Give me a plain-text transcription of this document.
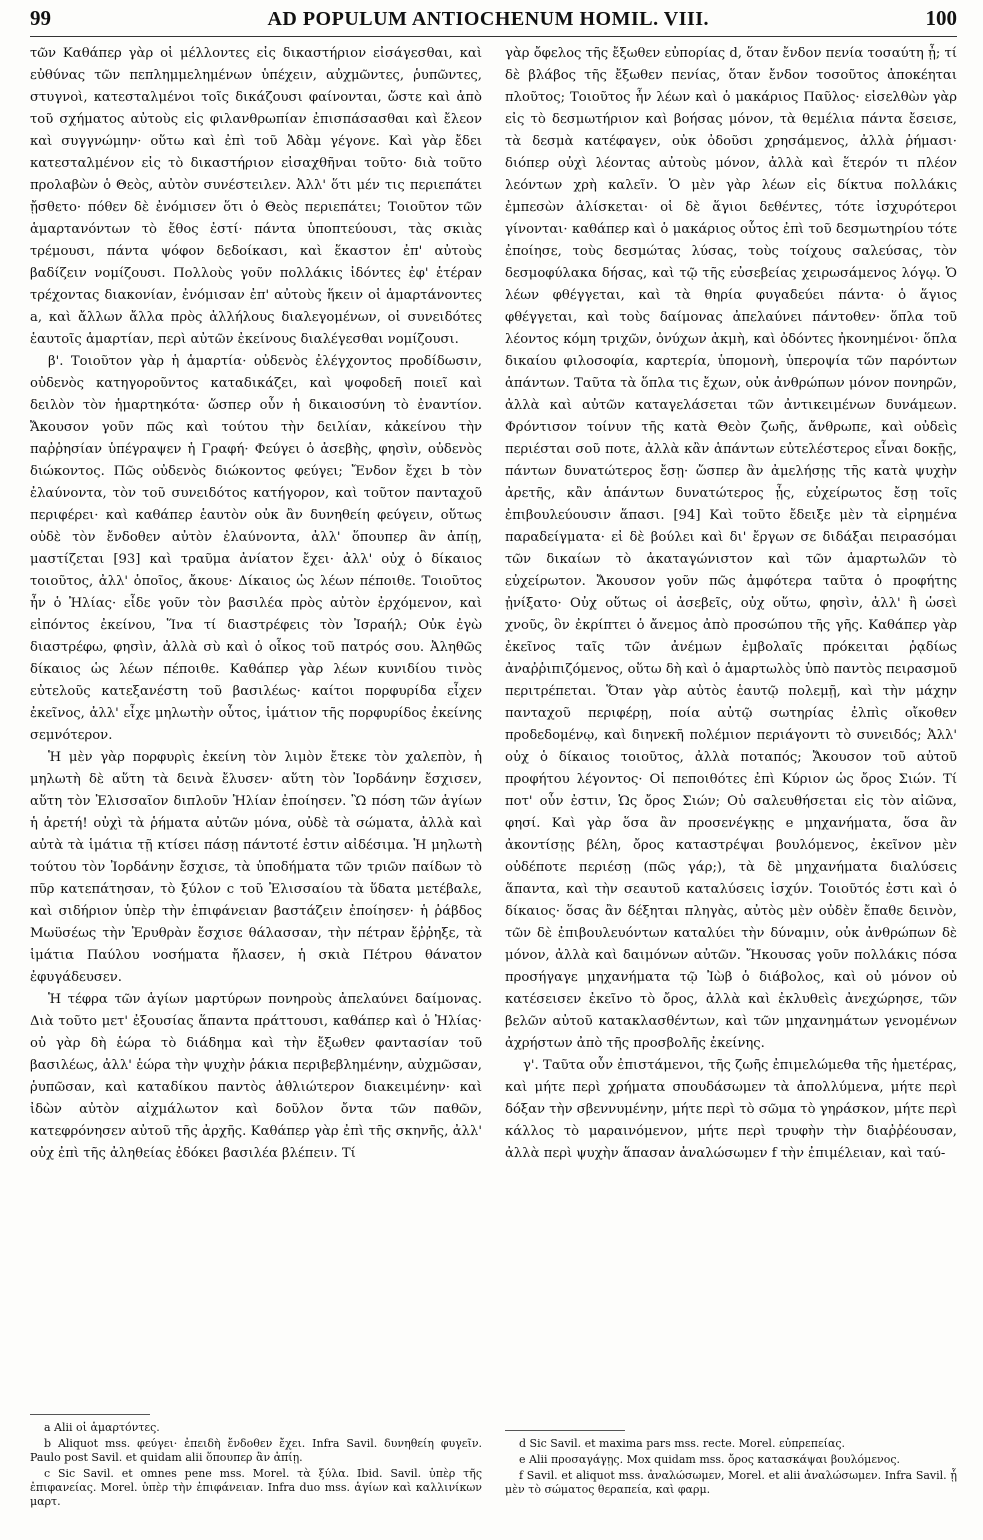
99	AD POPULUM ANTIOCHENUM HOMIL. VIII.	100

τῶν Καθάπερ γὰρ οἱ μέλλοντες εἰς δικαστήριον εἰσάγεσθαι, καὶ εὐθύνας τῶν πεπλημμελημένων ὑπέχειν, αὐχμῶντες, ῥυπῶντες, στυγνοὶ, κατεσταλμένοι τοῖς δικάζουσι φαίνονται, ὥστε καὶ ἀπὸ τοῦ σχήματος αὐτοὺς εἰς φιλανθρωπίαν ἐπισπάσασθαι καὶ ἔλεον καὶ συγγνώμην· οὕτω καὶ ἐπὶ τοῦ Ἀδὰμ γέγονε. Καὶ γὰρ ἔδει κατεσταλμένον εἰς τὸ δικαστήριον εἰσαχθῆναι τοῦτο· διὰ τοῦτο προλαβὼν ὁ Θεὸς, αὐτὸν συνέστειλεν. Ἀλλ' ὅτι μέν τις περιεπάτει ᾔσθετο· πόθεν δὲ ἐνόμισεν ὅτι ὁ Θεὸς περιεπάτει; Τοιοῦτον τῶν ἁμαρτανόντων τὸ ἔθος ἐστί· πάντα ὑποπτεύουσι, τὰς σκιὰς τρέμουσι, πάντα ψόφον δεδοίκασι, καὶ ἕκαστον ἐπ' αὐτοὺς βαδίζειν νομίζουσι. Πολλοὺς γοῦν πολλάκις ἰδόντες ἐφ' ἑτέραν τρέχοντας διακονίαν, ἐνόμισαν ἐπ' αὐτοὺς ἥκειν οἱ ἁμαρτάνοντες a, καὶ ἄλλων ἄλλα πρὸς ἀλλήλους διαλεγομένων, οἱ συνειδότες ἑαυτοῖς ἁμαρτίαν, περὶ αὐτῶν ἐκείνους διαλέγεσθαι νομίζουσι.

β'. Τοιοῦτον γὰρ ἡ ἁμαρτία· οὐδενὸς ἐλέγχοντος προδίδωσιν, οὐδενὸς κατηγοροῦντος καταδικάζει, καὶ ψοφοδεῆ ποιεῖ καὶ δειλὸν τὸν ἡμαρτηκότα· ὥσπερ οὖν ἡ δικαιοσύνη τὸ ἐναντίον. Ἄκουσον γοῦν πῶς καὶ τούτου τὴν δειλίαν, κἀκείνου τὴν παῤῥησίαν ὑπέγραψεν ἡ Γραφή· Φεύγει ὁ ἀσεβὴς, φησὶν, οὐδενὸς διώκοντος. Πῶς οὐδενὸς διώκοντος φεύγει; Ἔνδον ἔχει b τὸν ἐλαύνοντα, τὸν τοῦ συνειδότος κατήγορον, καὶ τοῦτον πανταχοῦ περιφέρει· καὶ καθάπερ ἑαυτὸν οὐκ ἂν δυνηθείη φεύγειν, οὕτως οὐδὲ τὸν ἔνδοθεν αὐτὸν ἐλαύνοντα, ἀλλ' ὅπουπερ ἂν ἀπίῃ, μαστίζεται [93] καὶ τραῦμα ἀνίατον ἔχει· ἀλλ' οὐχ ὁ δίκαιος τοιοῦτος, ἀλλ' ὁποῖος, ἄκουε· Δίκαιος ὡς λέων πέποιθε. Τοιοῦτος ἦν ὁ Ἠλίας· εἶδε γοῦν τὸν βασιλέα πρὸς αὐτὸν ἐρχόμενον, καὶ εἰπόντος ἐκείνου, Ἵνα τί διαστρέφεις τὸν Ἰσραήλ; Οὐκ ἐγὼ διαστρέφω, φησὶν, ἀλλὰ σὺ καὶ ὁ οἶκος τοῦ πατρός σου. Ἀληθῶς δίκαιος ὡς λέων πέποιθε. Καθάπερ γὰρ λέων κυνιδίου τινὸς εὐτελοῦς κατεξανέστη τοῦ βασιλέως· καίτοι πορφυρίδα εἶχεν ἐκεῖνος, ἀλλ' εἶχε μηλωτὴν οὗτος, ἱμάτιον τῆς πορφυρίδος ἐκείνης σεμνότερον.

Ἡ μὲν γὰρ πορφυρὶς ἐκείνη τὸν λιμὸν ἔτεκε τὸν χαλεπὸν, ἡ μηλωτὴ δὲ αὕτη τὰ δεινὰ ἔλυσεν· αὕτη τὸν Ἰορδάνην ἔσχισεν, αὕτη τὸν Ἐλισσαῖον διπλοῦν Ἠλίαν ἐποίησεν. Ὢ πόση τῶν ἁγίων ἡ ἀρετή! οὐχὶ τὰ ῥήματα αὐτῶν μόνα, οὐδὲ τὰ σώματα, ἀλλὰ καὶ αὐτὰ τὰ ἱμάτια τῇ κτίσει πάσῃ πάντοτέ ἐστιν αἰδέσιμα. Ἡ μηλωτὴ τούτου τὸν Ἰορδάνην ἔσχισε, τὰ ὑποδήματα τῶν τριῶν παίδων τὸ πῦρ κατεπάτησαν, τὸ ξύλον c τοῦ Ἐλισσαίου τὰ ὕδατα μετέβαλε, καὶ σιδήριον ὑπὲρ τὴν ἐπιφάνειαν βαστάζειν ἐποίησεν· ἡ ῥάβδος Μωϋσέως τὴν Ἐρυθρὰν ἔσχισε θάλασσαν, τὴν πέτραν ἔῤῥηξε, τὰ ἱμάτια Παύλου νοσήματα ἤλασεν, ἡ σκιὰ Πέτρου θάνατον ἐφυγάδευσεν.

Ἡ τέφρα τῶν ἁγίων μαρτύρων πονηροὺς ἀπελαύνει δαίμονας. Διὰ τοῦτο μετ' ἐξουσίας ἅπαντα πράττουσι, καθάπερ καὶ ὁ Ἠλίας· οὐ γὰρ δὴ ἑώρα τὸ διάδημα καὶ τὴν ἔξωθεν φαντασίαν τοῦ βασιλέως, ἀλλ' ἑώρα τὴν ψυχὴν ῥάκια περιβεβλημένην, αὐχμῶσαν, ῥυπῶσαν, καὶ καταδίκου παντὸς ἀθλιώτερον διακειμένην· καὶ ἰδὼν αὐτὸν αἰχμάλωτον καὶ δοῦλον ὄντα τῶν παθῶν, κατεφρόνησεν αὐτοῦ τῆς ἀρχῆς. Καθάπερ γὰρ ἐπὶ τῆς σκηνῆς, ἀλλ' οὐχ ἐπὶ τῆς ἀληθείας ἐδόκει βασιλέα βλέπειν. Τί

γὰρ ὄφελος τῆς ἔξωθεν εὐπορίας d, ὅταν ἔνδον πενία τοσαύτη ᾖ; τί δὲ βλάβος τῆς ἔξωθεν πενίας, ὅταν ἔνδον τοσοῦτος ἀποκέηται πλοῦτος; Τοιοῦτος ἦν λέων καὶ ὁ μακάριος Παῦλος· εἰσελθὼν γὰρ εἰς τὸ δεσμωτήριον καὶ βοήσας μόνον, τὰ θεμέλια πάντα ἔσεισε, τὰ δεσμὰ κατέφαγεν, οὐκ ὀδοῦσι χρησάμενος, ἀλλὰ ῥήμασι· διόπερ οὐχὶ λέοντας αὐτοὺς μόνον, ἀλλὰ καὶ ἕτερόν τι πλέον λεόντων χρὴ καλεῖν. Ὁ μὲν γὰρ λέων εἰς δίκτυα πολλάκις ἐμπεσὼν ἁλίσκεται· οἱ δὲ ἅγιοι δεθέντες, τότε ἰσχυρότεροι γίνονται· καθάπερ καὶ ὁ μακάριος οὗτος ἐπὶ τοῦ δεσμωτηρίου τότε ἐποίησε, τοὺς δεσμώτας λύσας, τοὺς τοίχους σαλεύσας, τὸν δεσμοφύλακα δήσας, καὶ τῷ τῆς εὐσεβείας χειρωσάμενος λόγῳ. Ὁ λέων φθέγγεται, καὶ τὰ θηρία φυγαδεύει πάντα· ὁ ἅγιος φθέγγεται, καὶ τοὺς δαίμονας ἀπελαύνει πάντοθεν· ὅπλα τοῦ λέοντος κόμη τριχῶν, ὀνύχων ἀκμὴ, καὶ ὀδόντες ἠκονημένοι· ὅπλα δικαίου φιλοσοφία, καρτερία, ὑπομονὴ, ὑπεροψία τῶν παρόντων ἁπάντων. Ταῦτα τὰ ὅπλα τις ἔχων, οὐκ ἀνθρώπων μόνον πονηρῶν, ἀλλὰ καὶ αὐτῶν καταγελάσεται τῶν ἀντικειμένων δυνάμεων. Φρόντισον τοίνυν τῆς κατὰ Θεὸν ζωῆς, ἄνθρωπε, καὶ οὐδεὶς περιέσται σοῦ ποτε, ἀλλὰ κἂν ἁπάντων εὐτελέστερος εἶναι δοκῇς, πάντων δυνατώτερος ἔσῃ· ὥσπερ ἂν ἀμελήσῃς τῆς κατὰ ψυχὴν ἀρετῆς, κἂν ἁπάντων δυνατώτερος ᾖς, εὐχείρωτος ἔσῃ τοῖς ἐπιβουλεύουσιν ἅπασι. [94] Καὶ τοῦτο ἔδειξε μὲν τὰ εἰρημένα παραδείγματα· εἰ δὲ βούλει καὶ δι' ἔργων σε διδάξαι πειρασόμαι τῶν δικαίων τὸ ἀκαταγώνιστον καὶ τῶν ἁμαρτωλῶν τὸ εὐχείρωτον. Ἄκουσον γοῦν πῶς ἀμφότερα ταῦτα ὁ προφήτης ᾐνίξατο· Οὐχ οὕτως οἱ ἀσεβεῖς, οὐχ οὕτω, φησὶν, ἀλλ' ἢ ὡσεὶ χνοῦς, ὃν ἐκρίπτει ὁ ἄνεμος ἀπὸ προσώπου τῆς γῆς. Καθάπερ γὰρ ἐκεῖνος ταῖς τῶν ἀνέμων ἐμβολαῖς πρόκειται ῥᾳδίως ἀναῤῥιπιζόμενος, οὕτω δὴ καὶ ὁ ἁμαρτωλὸς ὑπὸ παντὸς πειρασμοῦ περιτρέπεται. Ὅταν γὰρ αὐτὸς ἑαυτῷ πολεμῇ, καὶ τὴν μάχην πανταχοῦ περιφέρῃ, ποία αὐτῷ σωτηρίας ἐλπὶς οἴκοθεν προδεδομένῳ, καὶ διηνεκῆ πολέμιον περιάγοντι τὸ συνειδός; Ἀλλ' οὐχ ὁ δίκαιος τοιοῦτος, ἀλλὰ ποταπός; Ἄκουσον τοῦ αὐτοῦ προφήτου λέγοντος· Οἱ πεποιθότες ἐπὶ Κύριον ὡς ὄρος Σιών. Τί ποτ' οὖν ἐστιν, Ὡς ὄρος Σιών; Οὐ σαλευθήσεται εἰς τὸν αἰῶνα, φησί. Καὶ γὰρ ὅσα ἂν προσενέγκῃς e μηχανήματα, ὅσα ἂν ἀκοντίσῃς βέλη, ὄρος καταστρέψαι βουλόμενος, ἐκεῖνον μὲν οὐδέποτε περιέσῃ (πῶς γάρ;), τὰ δὲ μηχανήματα διαλύσεις ἅπαντα, καὶ τὴν σεαυτοῦ καταλύσεις ἰσχύν. Τοιοῦτός ἐστι καὶ ὁ δίκαιος· ὅσας ἂν δέξηται πληγὰς, αὐτὸς μὲν οὐδὲν ἔπαθε δεινὸν, τῶν δὲ ἐπιβουλευόντων καταλύει τὴν δύναμιν, οὐκ ἀνθρώπων δὲ μόνον, ἀλλὰ καὶ δαιμόνων αὐτῶν. Ἤκουσας γοῦν πολλάκις πόσα προσήγαγε μηχανήματα τῷ Ἰὼβ ὁ διάβολος, καὶ οὐ μόνον οὐ κατέσεισεν ἐκεῖνο τὸ ὄρος, ἀλλὰ καὶ ἐκλυθεὶς ἀνεχώρησε, τῶν βελῶν αὐτοῦ κατακλασθέντων, καὶ τῶν μηχανημάτων γενομένων ἀχρήστων ἀπὸ τῆς προσβολῆς ἐκείνης.

γ'. Ταῦτα οὖν ἐπιστάμενοι, τῆς ζωῆς ἐπιμελώμεθα τῆς ἡμετέρας, καὶ μήτε περὶ χρήματα σπουδάσωμεν τὰ ἀπολλύμενα, μήτε περὶ δόξαν τὴν σβεννυμένην, μήτε περὶ τὸ σῶμα τὸ γηράσκον, μήτε περὶ κάλλος τὸ μαραινόμενον, μήτε περὶ τρυφὴν τὴν διαῤῥέουσαν, ἀλλὰ περὶ ψυχὴν ἅπασαν ἀναλώσωμεν f τὴν ἐπιμέλειαν, καὶ ταύ-

a Alii οἱ ἁμαρτόντες.

b Aliquot mss. φεύγει· ἐπειδὴ ἔνδοθεν ἔχει. Infra Savil. δυνηθείη φυγεῖν. Paulo post Savil. et quidam alii ὅπουπερ ἂν ἀπίῃ.

c Sic Savil. et omnes pene mss. Morel. τὰ ξύλα. Ibid. Savil. ὑπὲρ τῆς ἐπιφανείας. Morel. ὑπὲρ τὴν ἐπιφάνειαν. Infra duo mss. ἁγίων καὶ καλλινίκων μαρτ.

d Sic Savil. et maxima pars mss. recte. Morel. εὐπρεπείας.

e Alii προσαγάγῃς. Mox quidam mss. ὄρος κατασκάψαι βουλόμενος.

f Savil. et aliquot mss. ἀναλώσωμεν, Morel. et alii ἀναλώσωμεν. Infra Savil. ᾗ μὲν τὸ σώματος θεραπεία, καὶ φαρμ.
